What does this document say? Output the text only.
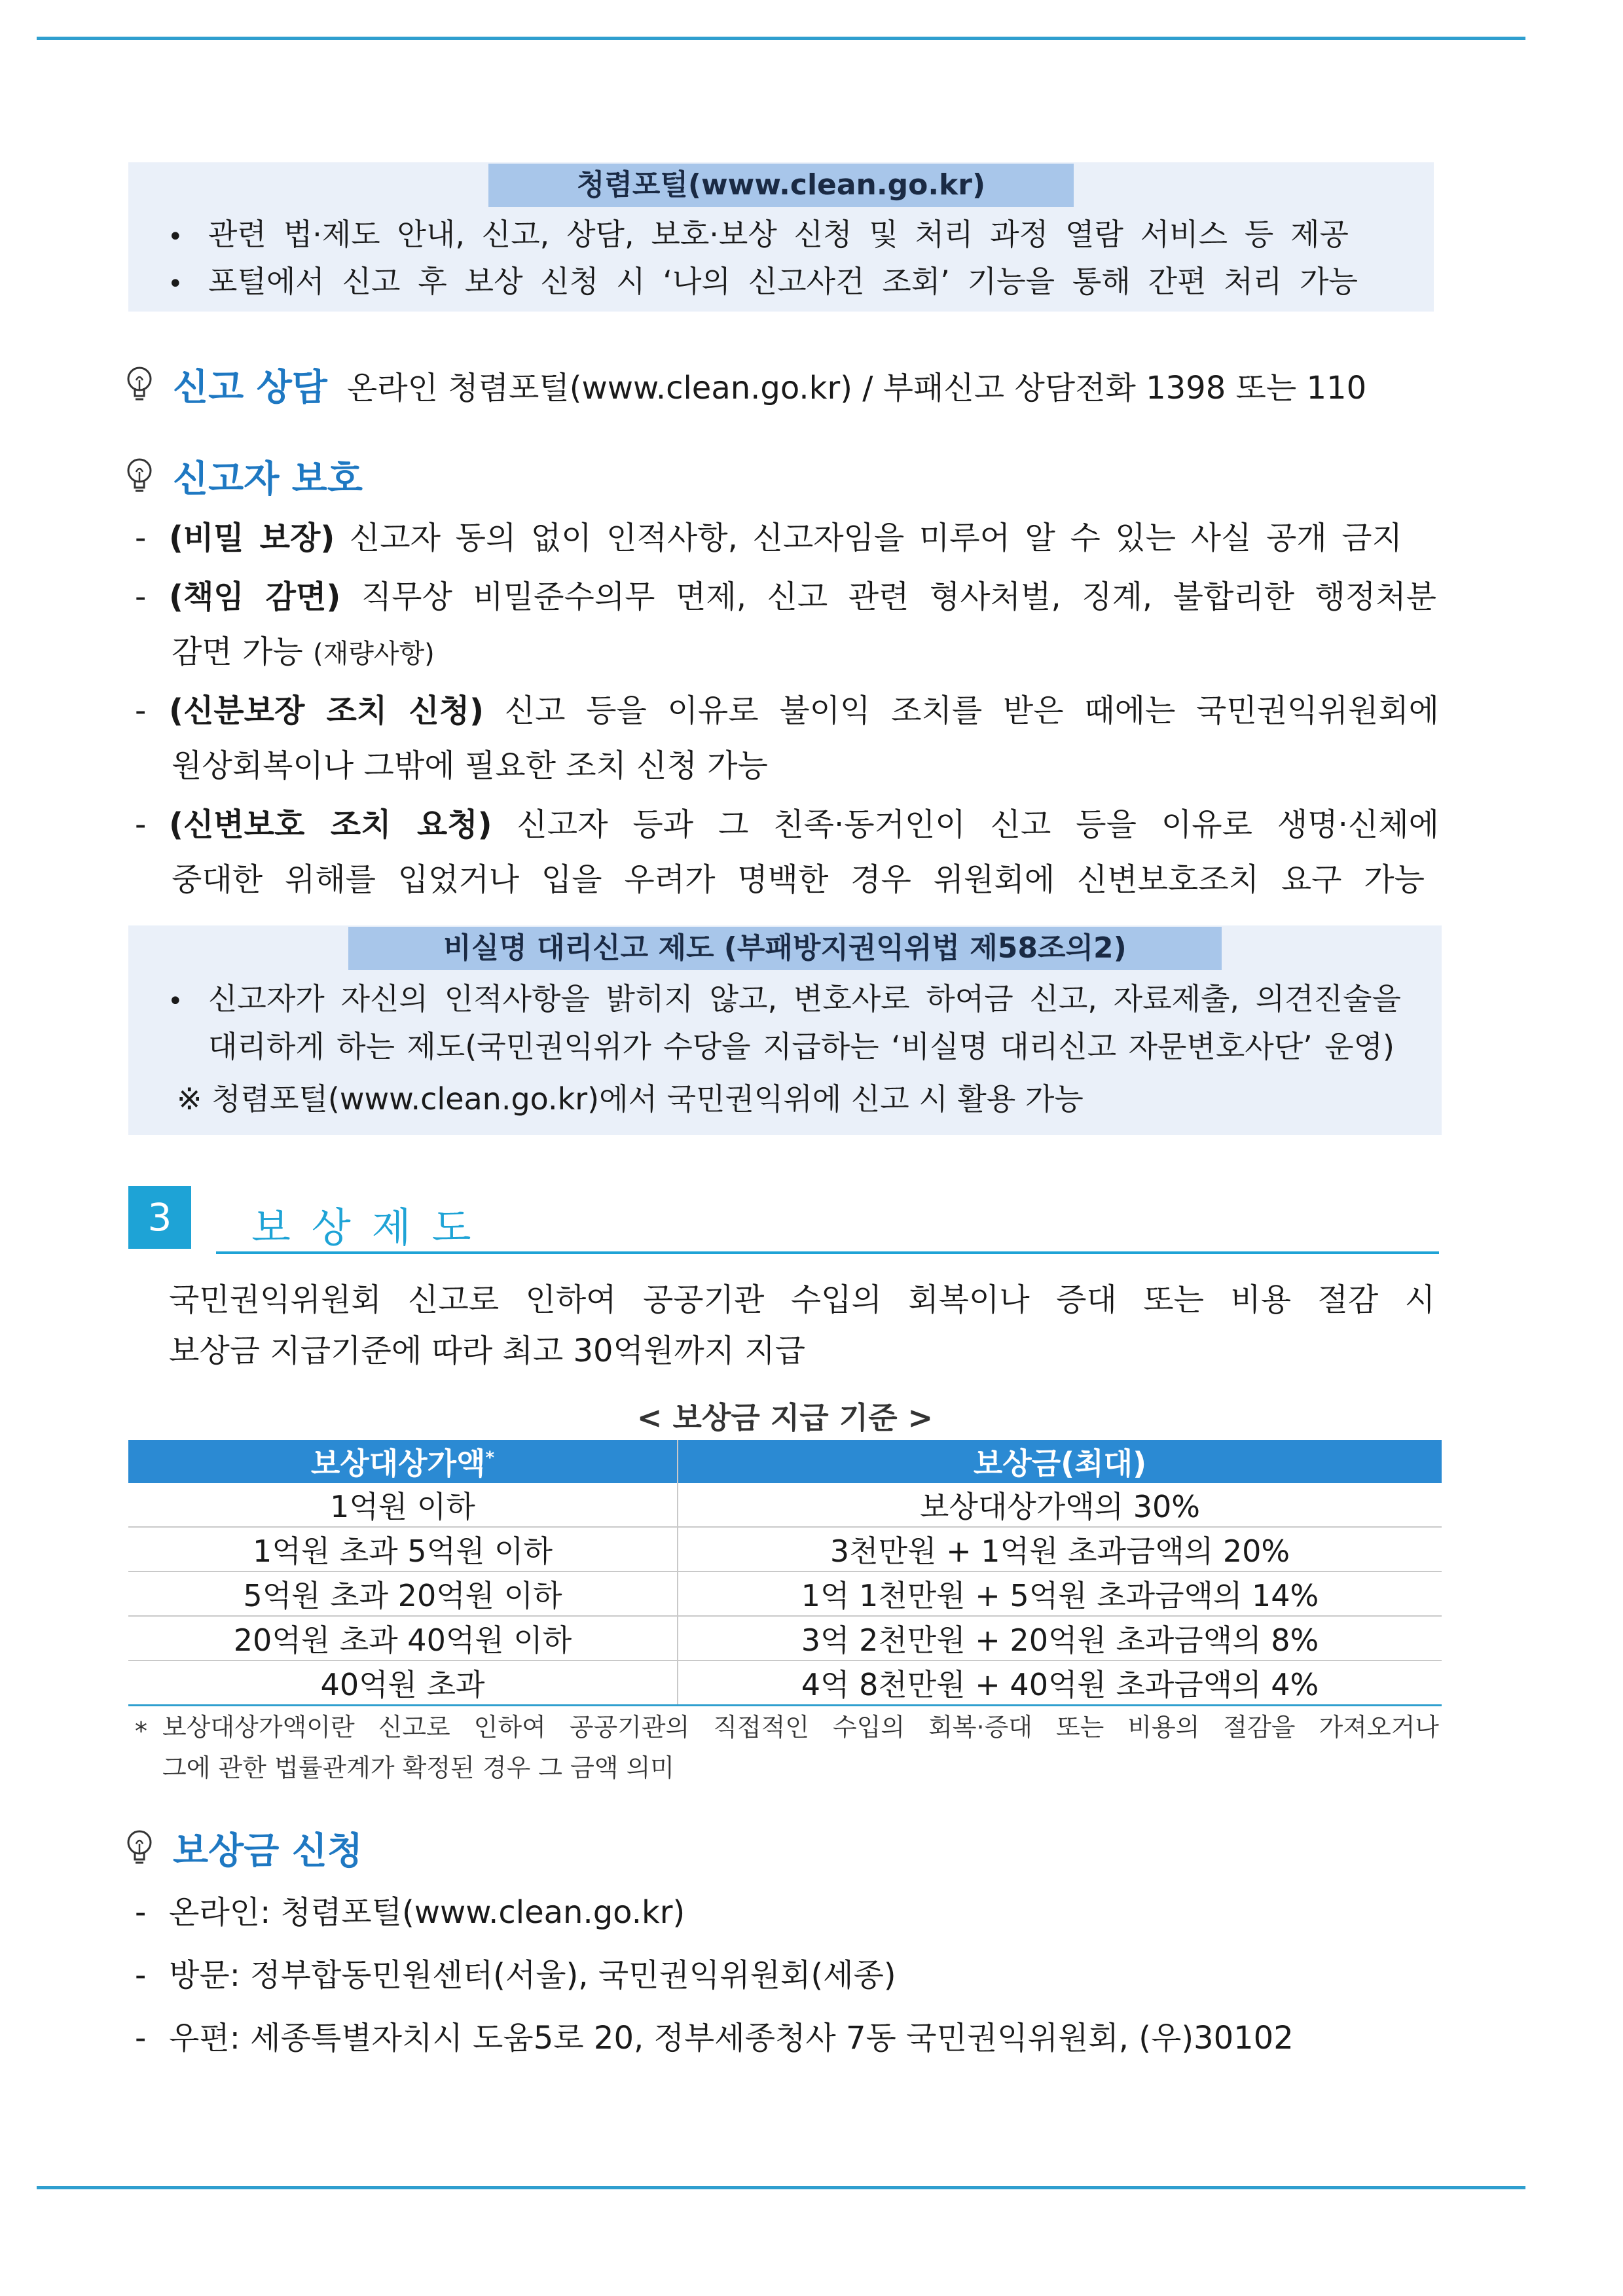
청렴포털(www.clean.go.kr)
• 관련 법·제도 안내, 신고, 상담, 보호·보상 신청 및 처리 과정 열람 서비스 등 제공
• 포털에서 신고 후 보상 신청 시 ‘나의 신고사건 조회’ 기능을 통해 간편 처리 가능
신고 상담 온라인 청렴포털(www.clean.go.kr) / 부패신고 상담전화 1398 또는 110
신고자 보호
- (비밀 보장) 신고자 동의 없이 인적사항, 신고자임을 미루어 알 수 있는 사실 공개 금지
- (책임 감면) 직무상 비밀준수의무 면제, 신고 관련 형사처벌, 징계, 불합리한 행정처분
감면 가능 (재량사항)
- (신분보장 조치 신청) 신고 등을 이유로 불이익 조치를 받은 때에는 국민권익위원회에
원상회복이나 그밖에 필요한 조치 신청 가능
- (신변보호 조치 요청) 신고자 등과 그 친족·동거인이 신고 등을 이유로 생명·신체에
중대한 위해를 입었거나 입을 우려가 명백한 경우 위원회에 신변보호조치 요구 가능
비실명 대리신고 제도 (부패방지권익위법 제58조의2)
• 신고자가 자신의 인적사항을 밝히지 않고, 변호사로 하여금 신고, 자료제출, 의견진술을
대리하게 하는 제도(국민권익위가 수당을 지급하는 ‘비실명 대리신고 자문변호사단’ 운영)
※ 청렴포털(www.clean.go.kr)에서 국민권익위에 신고 시 활용 가능
3	보상제도
국민권익위원회 신고로 인하여 공공기관 수입의 회복이나 증대 또는 비용 절감 시
보상금 지급기준에 따라 최고 30억원까지 지급
< 보상금 지급 기준 >
보상대상가액*	보상금(최대)
1억원 이하	보상대상가액의 30%
1억원 초과 5억원 이하	3천만원 + 1억원 초과금액의 20%
5억원 초과 20억원 이하	1억 1천만원 + 5억원 초과금액의 14%
20억원 초과 40억원 이하	3억 2천만원 + 20억원 초과금액의 8%
40억원 초과	4억 8천만원 + 40억원 초과금액의 4%
* 보상대상가액이란 신고로 인하여 공공기관의 직접적인 수입의 회복·증대 또는 비용의 절감을 가져오거나
그에 관한 법률관계가 확정된 경우 그 금액 의미
보상금 신청
- 온라인: 청렴포털(www.clean.go.kr)
- 방문: 정부합동민원센터(서울), 국민권익위원회(세종)
- 우편: 세종특별자치시 도움5로 20, 정부세종청사 7동 국민권익위원회, (우)30102
